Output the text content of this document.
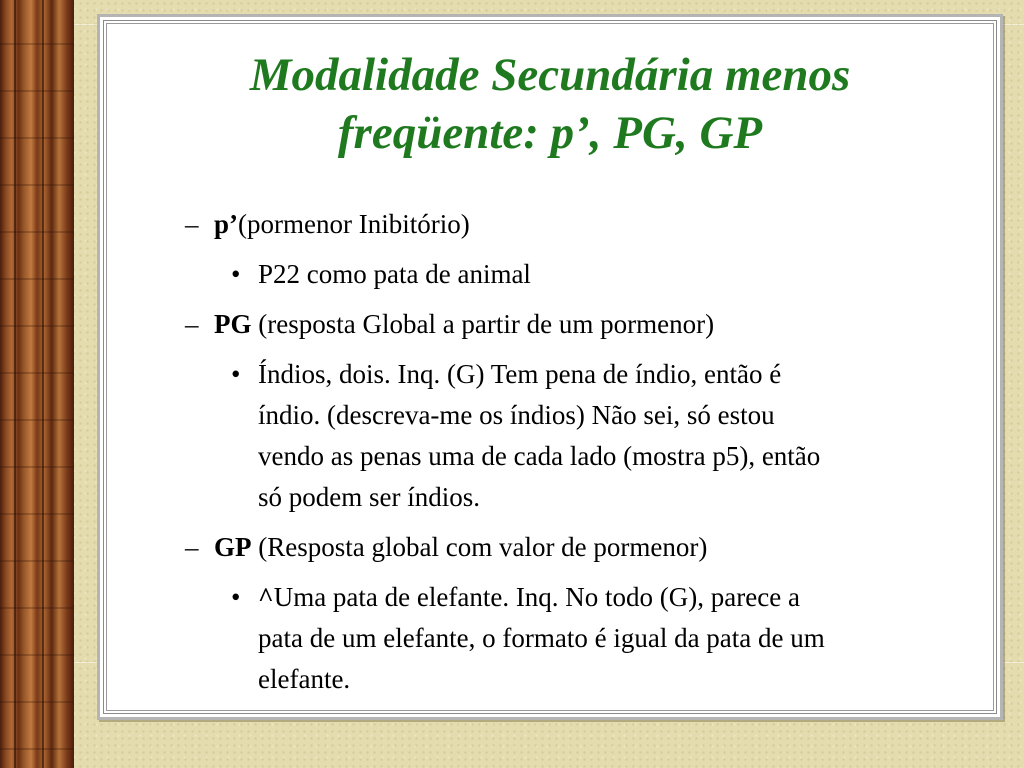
Modalidade Secundária menos
freqüente: p’, PG, GP
– p’(pormenor Inibitório)
• P22 como pata de animal
– PG (resposta Global a partir de um pormenor)
• Índios, dois. Inq. (G) Tem pena de índio, então é
índio. (descreva-me os índios) Não sei, só estou
vendo as penas uma de cada lado (mostra p5), então
só podem ser índios.
– GP (Resposta global com valor de pormenor)
• ^Uma pata de elefante. Inq. No todo (G), parece a
pata de um elefante, o formato é igual da pata de um
elefante.
